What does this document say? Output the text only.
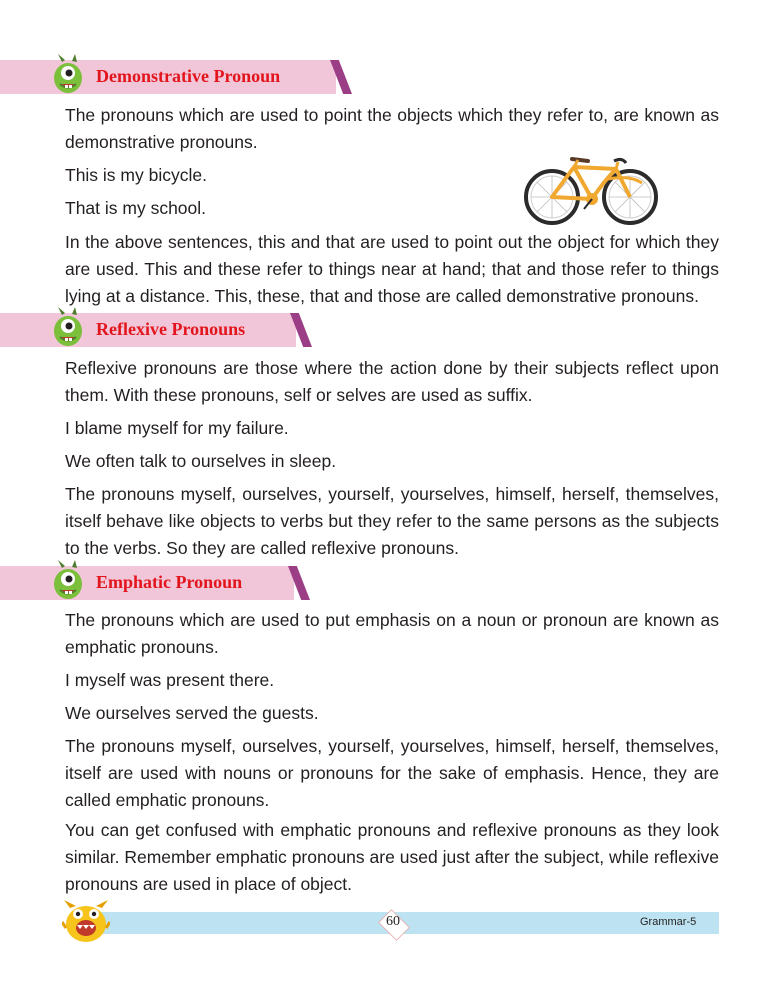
Demonstrative Pronoun

The pronouns which are used to point the objects which they refer to, are known as demonstrative pronouns.

This is my bicycle.

That is my school.

In the above sentences, this and that are used to point out the object for which they are used. This and these refer to things near at hand; that and those refer to things lying at a distance. This, these, that and those are called demonstrative pronouns.

Reflexive Pronouns

Reflexive pronouns are those where the action done by their subjects reflect upon them. With these pronouns, self or selves are used as suffix.

I blame myself for my failure.

We often talk to ourselves in sleep.

The pronouns myself, ourselves, yourself, yourselves, himself, herself, themselves, itself behave like objects to verbs but they refer to the same persons as the subjects to the verbs. So they are called reflexive pronouns.

Emphatic Pronoun

The pronouns which are used to put emphasis on a noun or pronoun are known as emphatic pronouns.

I myself was present there.

We ourselves served the guests.

The pronouns myself, ourselves, yourself, yourselves, himself, herself, themselves, itself are used with nouns or pronouns for the sake of emphasis. Hence, they are called emphatic pronouns.

You can get confused with emphatic pronouns and reflexive pronouns as they look similar. Remember emphatic pronouns are used just after the subject, while reflexive pronouns are used in place of object.

60	Grammar-5
